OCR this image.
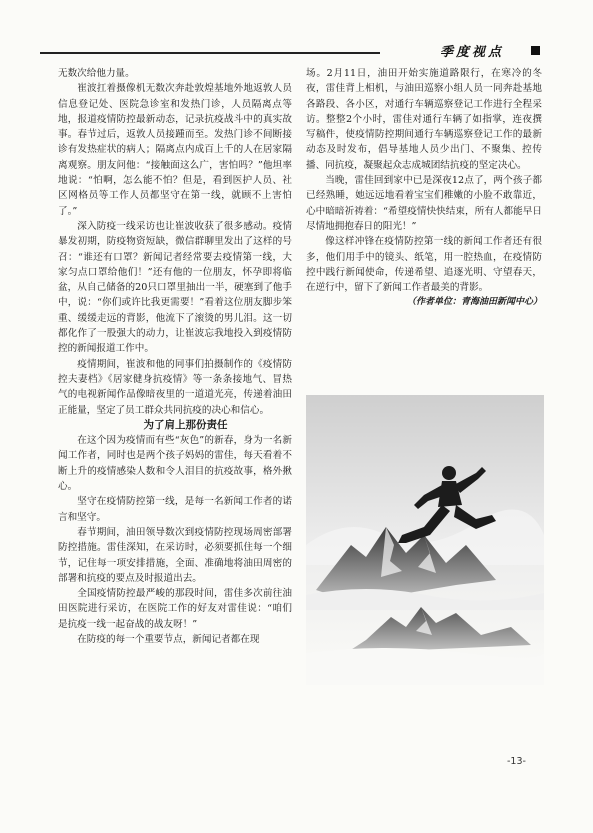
季度视点

无数次给他力量。

崔波扛着摄像机无数次奔赴敦煌基地外地返敦人员信息登记处、医院急诊室和发热门诊，人员隔离点等地，报道疫情防控最新动态，记录抗疫战斗中的真实故事。春节过后，返敦人员接踵而至。发热门诊不间断接诊有发热症状的病人；隔离点内成百上千的人在居家隔离观察。朋友问他：“接触面这么广，害怕吗？”他坦率地说：“怕啊，怎么能不怕？但是，看到医护人员、社区网格员等工作人员都坚守在第一线，就顾不上害怕了。”

深入防疫一线采访也让崔波收获了很多感动。疫情暴发初期，防疫物资短缺，微信群聊里发出了这样的号召：“谁还有口罩？新闻记者经常要去疫情第一线，大家匀点口罩给他们！”还有他的一位朋友，怀孕即将临盆，从自己储备的20只口罩里抽出一半，硬塞到了他手中，说：“你们或许比我更需要！”看着这位朋友脚步笨重、缓缓走远的背影，他流下了滚烫的男儿泪。这一切都化作了一股强大的动力，让崔波忘我地投入到疫情防控的新闻报道工作中。

疫情期间，崔波和他的同事们拍摄制作的《疫情防控夫妻档》《居家健身抗疫情》等一条条接地气、冒热气的电视新闻作品像暗夜里的一道道光亮，传递着油田正能量，坚定了员工群众共同抗疫的决心和信心。

为了肩上那份责任

在这个因为疫情而有些“灰色”的新春，身为一名新闻工作者，同时也是两个孩子妈妈的雷佳，每天看着不断上升的疫情感染人数和令人泪目的抗疫故事，格外揪心。

坚守在疫情防控第一线，是每一名新闻工作者的诺言和坚守。

春节期间，油田领导数次到疫情防控现场周密部署防控措施。雷佳深知，在采访时，必须要抓住每一个细节，记住每一项安排措施，全面、准确地将油田周密的部署和抗疫的要点及时报道出去。

全国疫情防控最严峻的那段时间，雷佳多次前往油田医院进行采访，在医院工作的好友对雷佳说：“咱们是抗疫一线一起奋战的战友呀！”

在防疫的每一个重要节点，新闻记者都在现

场。2月11日，油田开始实施道路限行，在寒冷的冬夜，雷佳背上相机，与油田巡察小组人员一同奔赴基地各路段、各小区，对通行车辆巡察登记工作进行全程采访。整整2个小时，雷佳对通行车辆了如指掌，连夜撰写稿件，使疫情防控期间通行车辆巡察登记工作的最新动态及时发布，倡导基地人员少出门、不聚集、控传播、同抗疫，凝聚起众志成城团结抗疫的坚定决心。

当晚，雷佳回到家中已是深夜12点了，两个孩子都已经熟睡，她远远地看着宝宝们稚嫩的小脸不敢靠近，心中暗暗祈祷着：“希望疫情快快结束，所有人都能早日尽情地拥抱春日的阳光！”

像这样冲锋在疫情防控第一线的新闻工作者还有很多，他们用手中的镜头、纸笔，用一腔热血，在疫情防控中践行新闻使命，传递希望、追逐光明、守望春天，在逆行中，留下了新闻工作者最美的背影。

（作者单位：青海油田新闻中心）

-13-
